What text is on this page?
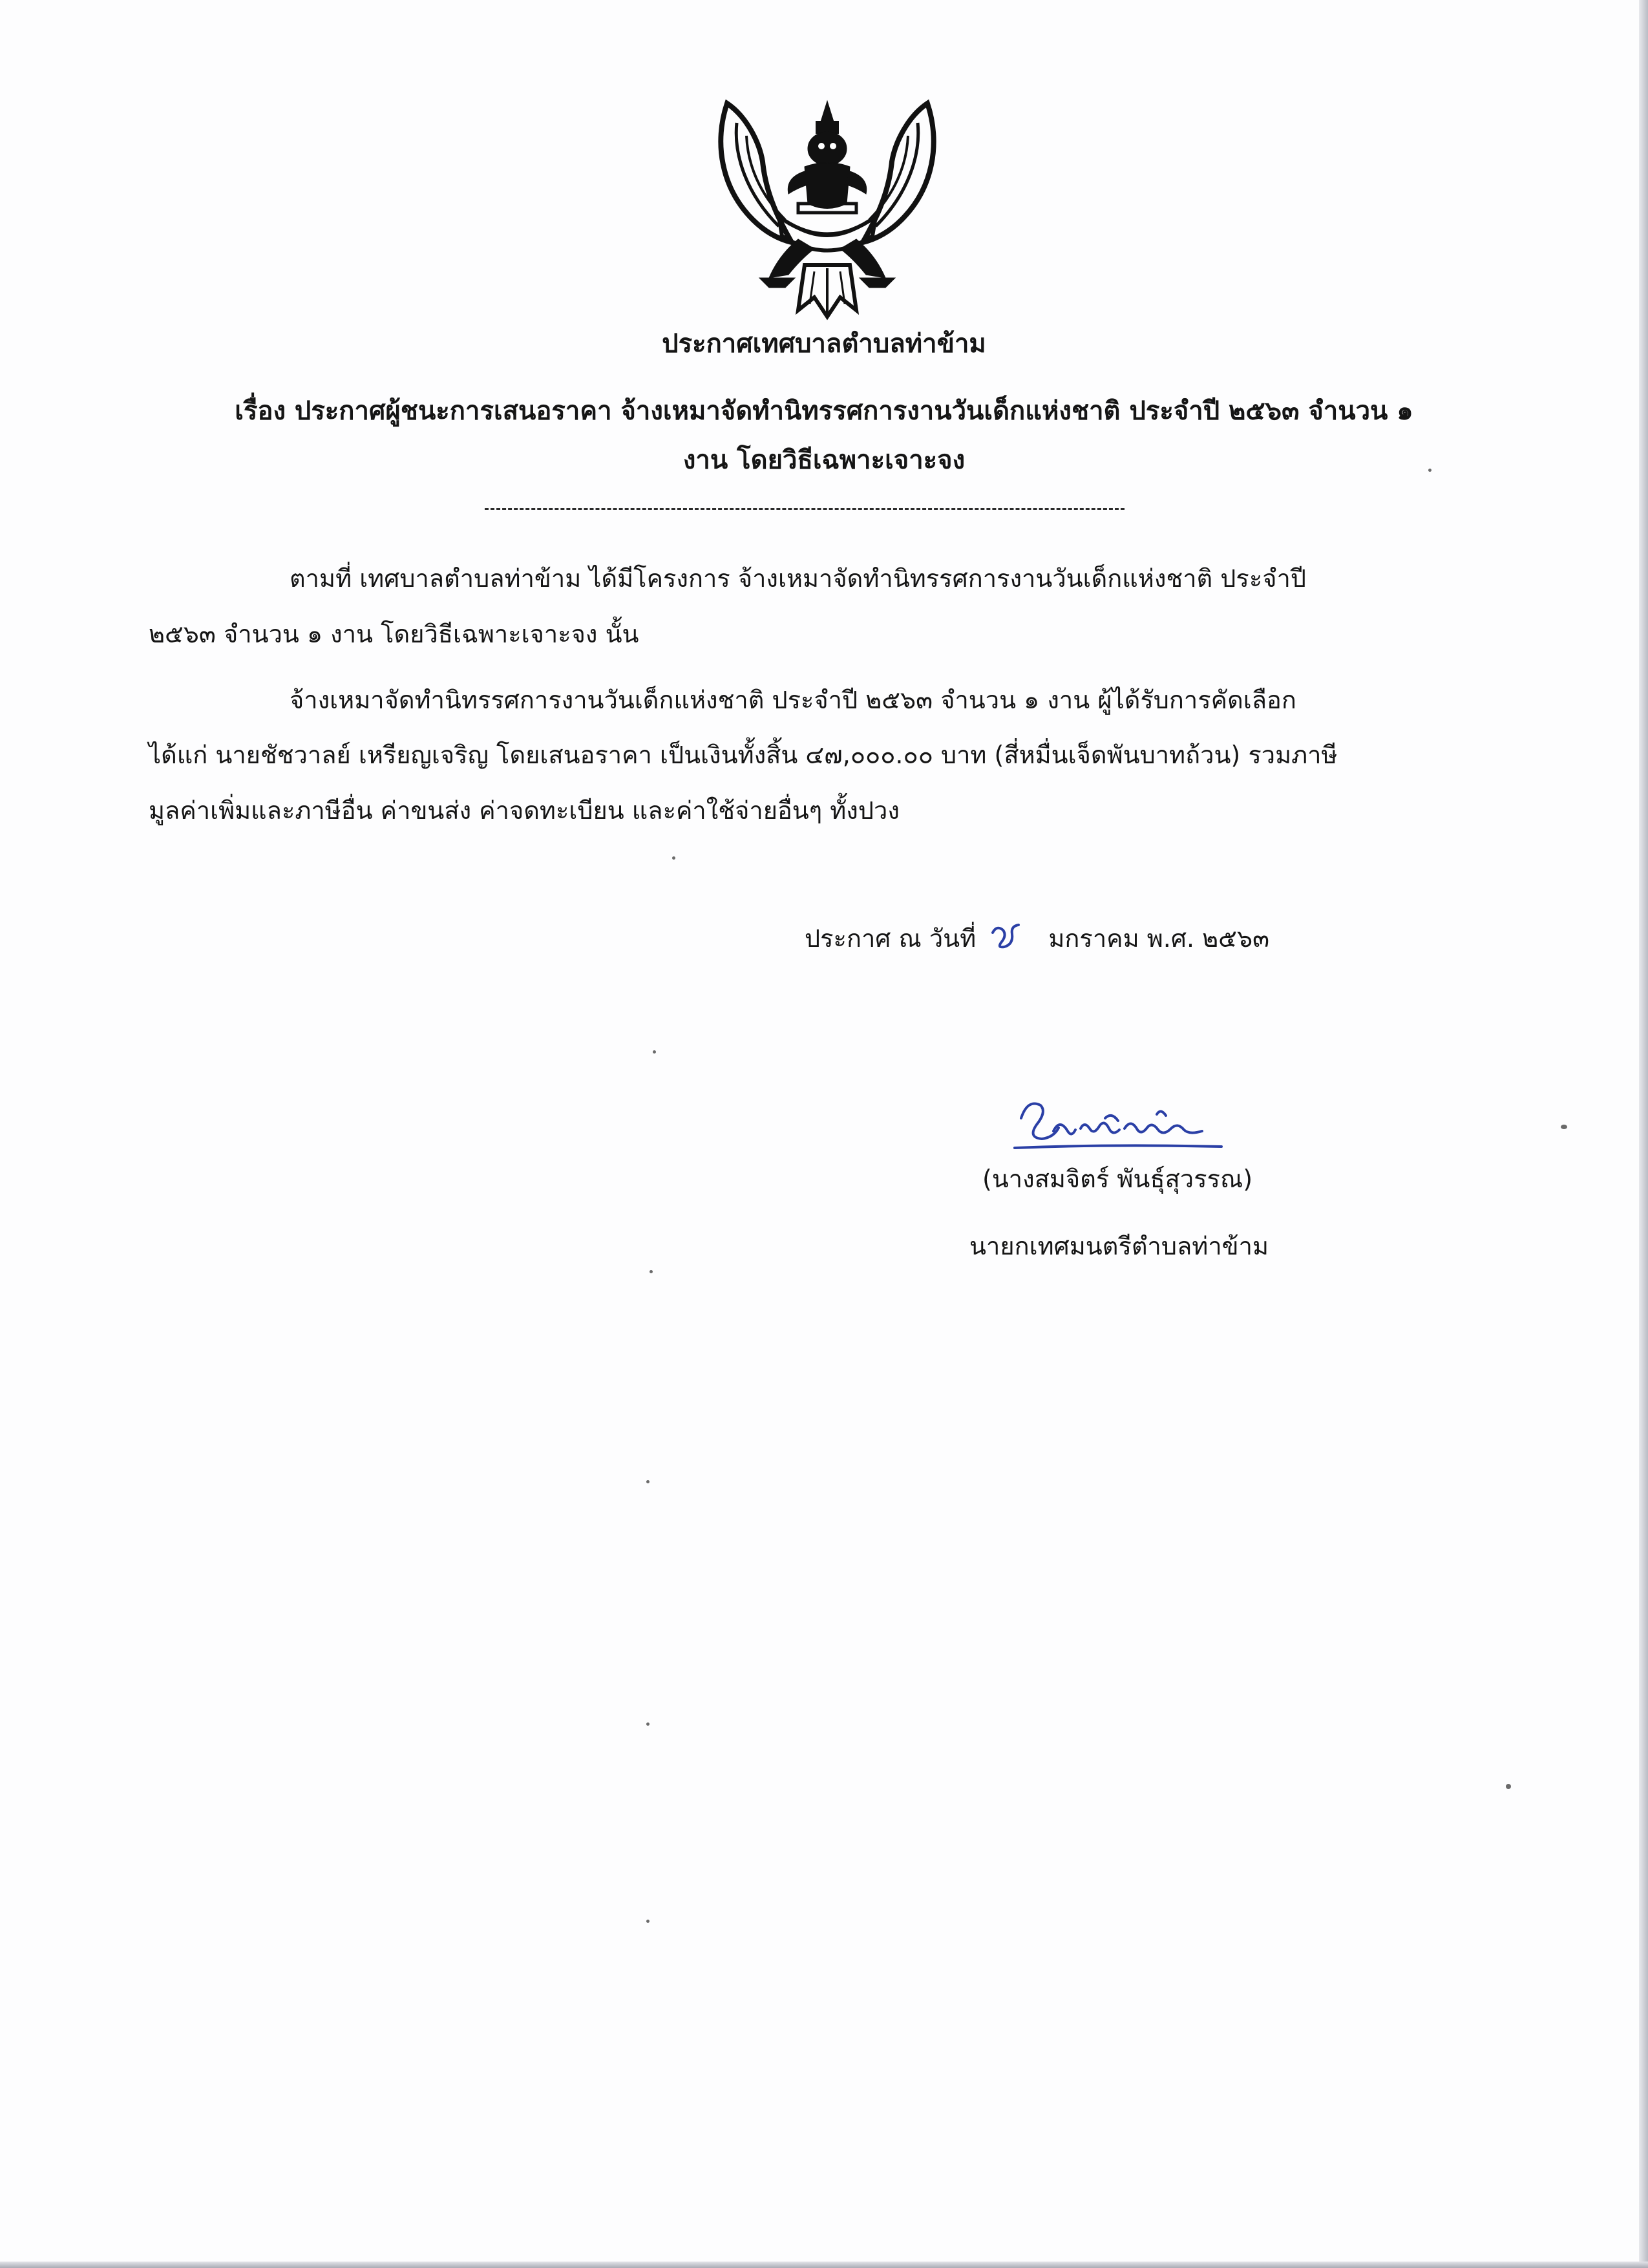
ประกาศเทศบาลตำบลท่าข้าม
เรื่อง ประกาศผู้ชนะการเสนอราคา จ้างเหมาจัดทำนิทรรศการงานวันเด็กแห่งชาติ ประจำปี ๒๕๖๓ จำนวน ๑
งาน โดยวิธีเฉพาะเจาะจง
ตามที่ เทศบาลตำบลท่าข้าม ได้มีโครงการ จ้างเหมาจัดทำนิทรรศการงานวันเด็กแห่งชาติ ประจำปี
๒๕๖๓ จำนวน ๑ งาน โดยวิธีเฉพาะเจาะจง นั้น
จ้างเหมาจัดทำนิทรรศการงานวันเด็กแห่งชาติ ประจำปี ๒๕๖๓ จำนวน ๑ งาน ผู้ได้รับการคัดเลือก
ได้แก่ นายชัชวาลย์ เหรียญเจริญ โดยเสนอราคา เป็นเงินทั้งสิ้น ๔๗,๐๐๐.๐๐ บาท (สี่หมื่นเจ็ดพันบาทถ้วน) รวมภาษี
มูลค่าเพิ่มและภาษีอื่น ค่าขนส่ง ค่าจดทะเบียน และค่าใช้จ่ายอื่นๆ ทั้งปวง
ประกาศ ณ วันที่	มกราคม พ.ศ. ๒๕๖๓
(นางสมจิตร์ พันธุ์สุวรรณ)
นายกเทศมนตรีตำบลท่าข้าม
